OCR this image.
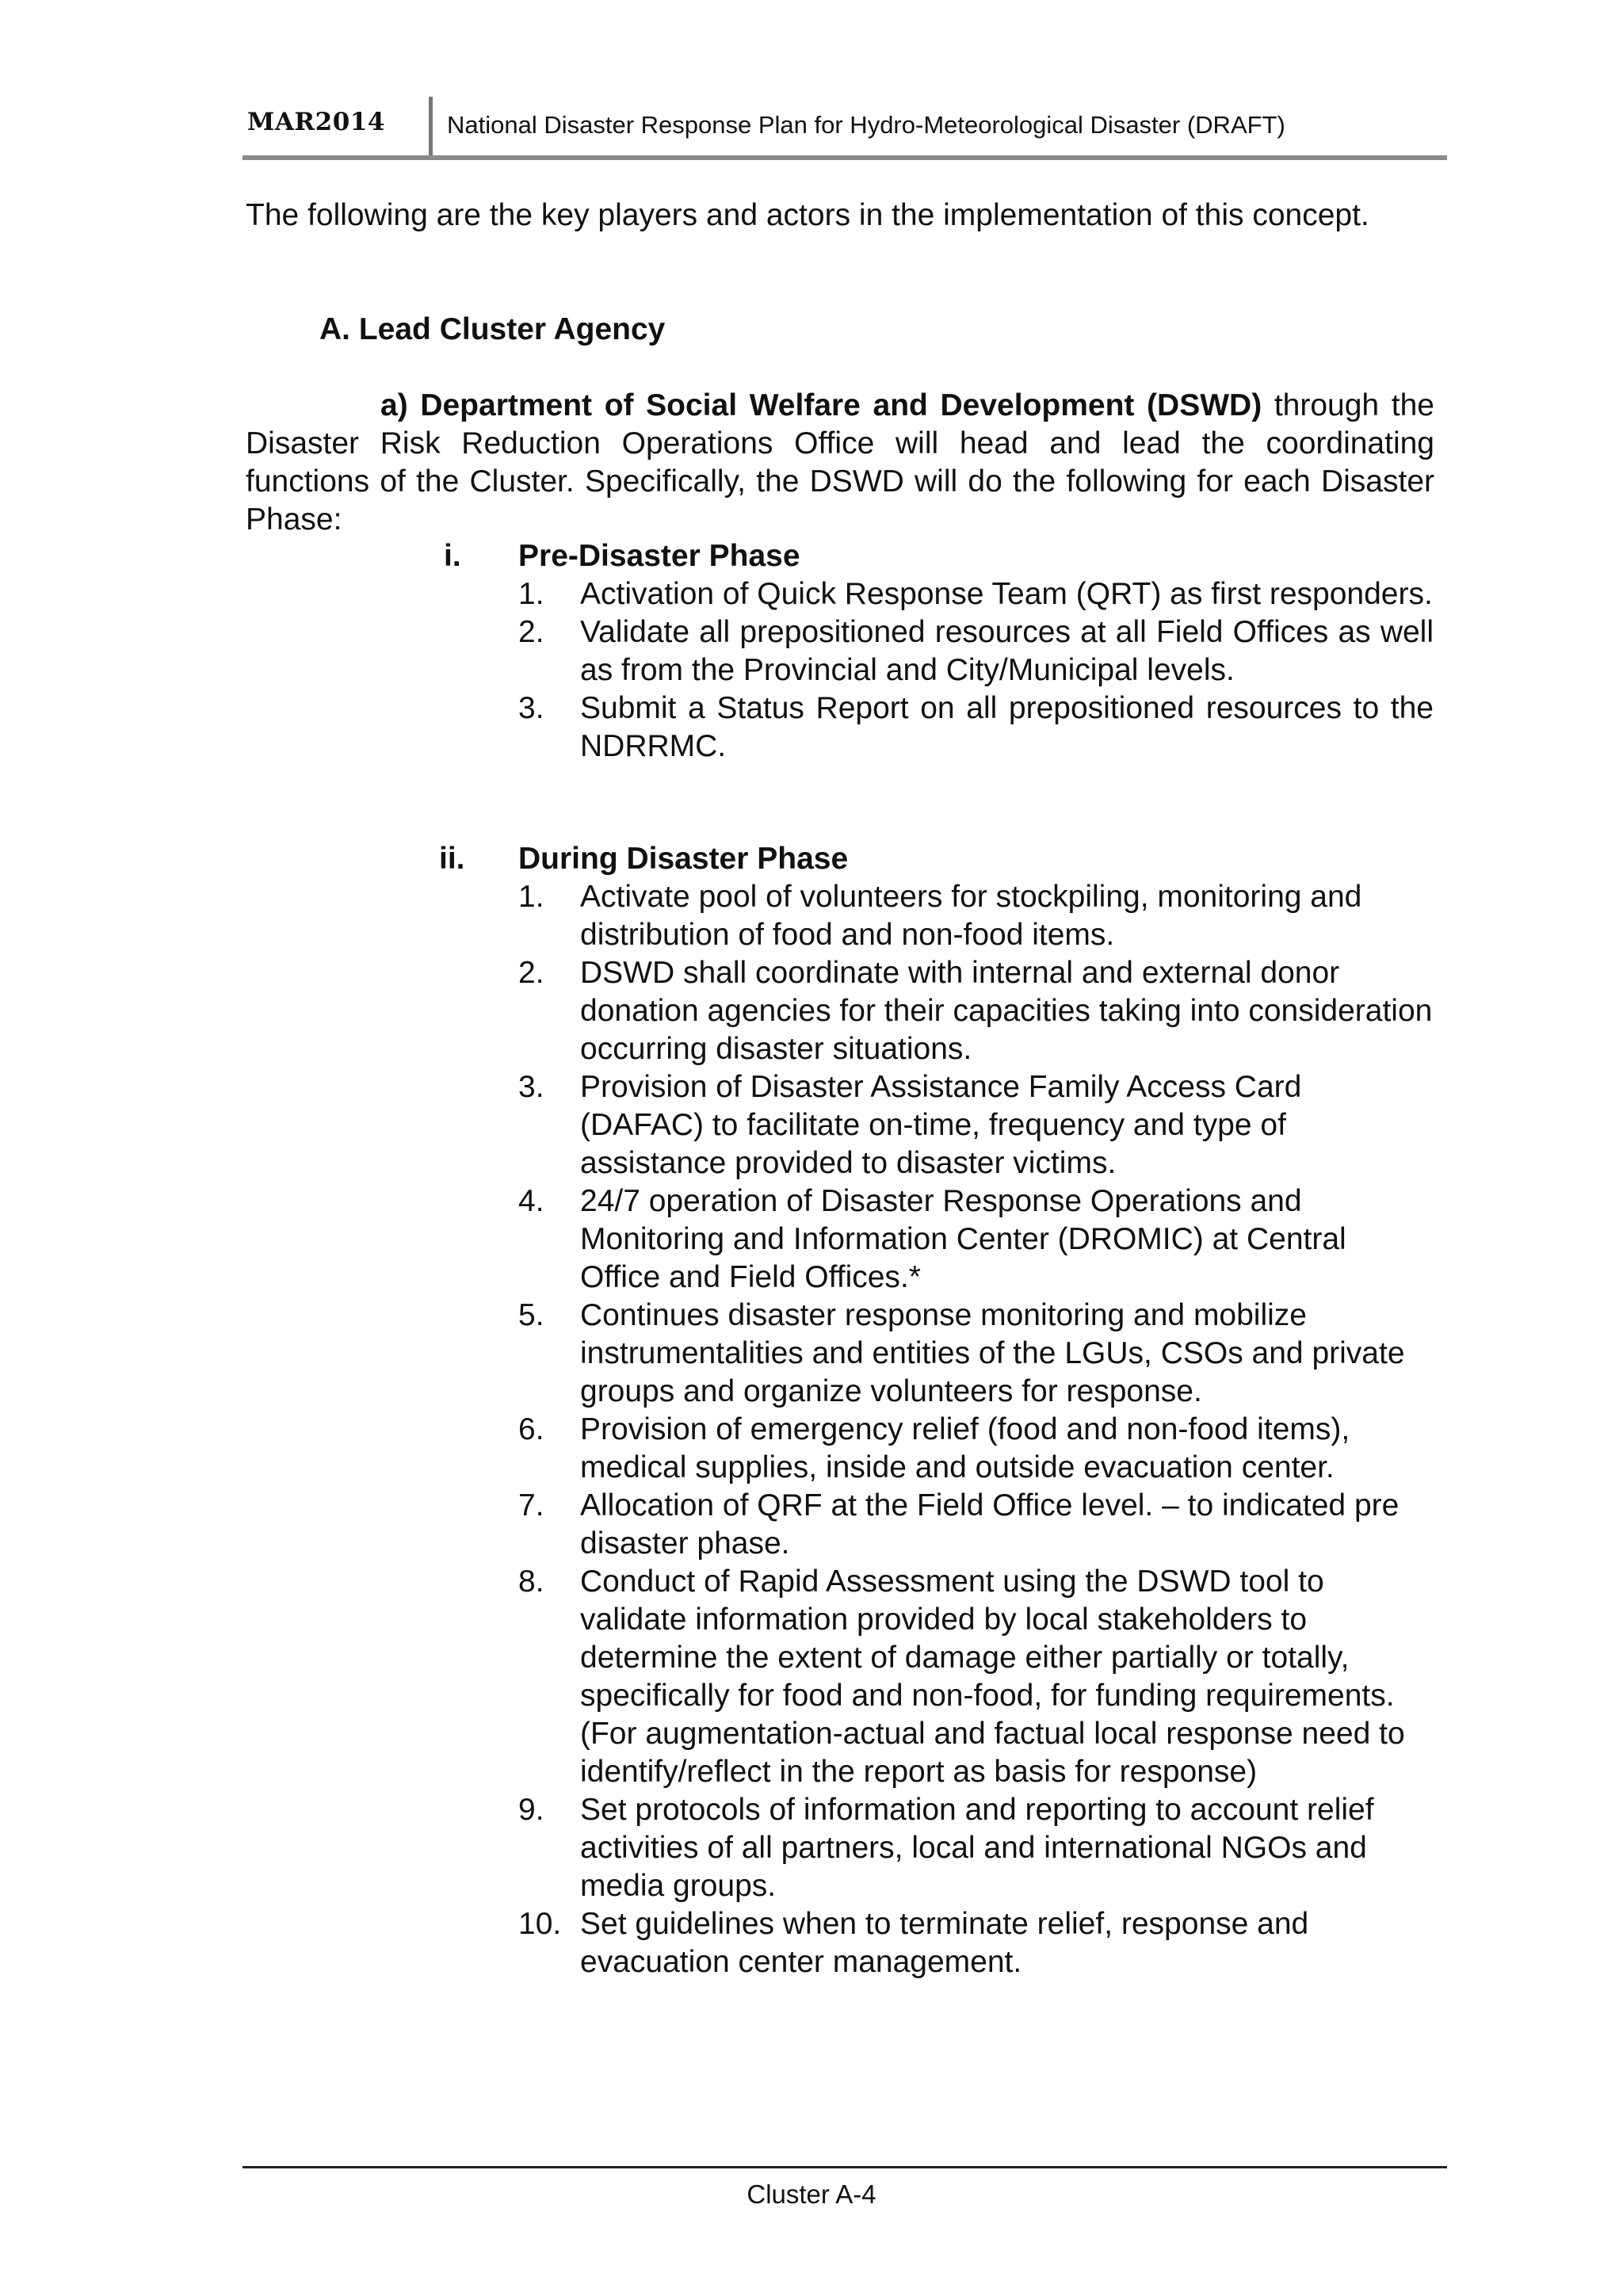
MAR2014	National Disaster Response Plan for Hydro-Meteorological Disaster (DRAFT)
The following are the key players and actors in the implementation of this concept.
A. Lead Cluster Agency
a) Department of Social Welfare and Development (DSWD) through the Disaster Risk Reduction Operations Office will head and lead the coordinating functions of the Cluster. Specifically, the DSWD will do the following for each Disaster Phase:
i. Pre-Disaster Phase
1.	Activation of Quick Response Team (QRT) as first responders.
2.	Validate all prepositioned resources at all Field Offices as well as from the Provincial and City/Municipal levels.
3.	Submit a Status Report on all prepositioned resources to the NDRRMC.
ii. During Disaster Phase
1. Activate pool of volunteers for stockpiling, monitoring and distribution of food and non-food items.
2. DSWD shall coordinate with internal and external donor donation agencies for their capacities taking into consideration occurring disaster situations.
3. Provision of Disaster Assistance Family Access Card (DAFAC) to facilitate on-time, frequency and type of assistance provided to disaster victims.
4. 24/7 operation of Disaster Response Operations and Monitoring and Information Center (DROMIC) at Central Office and Field Offices.*
5. Continues disaster response monitoring and mobilize instrumentalities and entities of the LGUs, CSOs and private groups and organize volunteers for response.
6. Provision of emergency relief (food and non-food items), medical supplies, inside and outside evacuation center.
7. Allocation of QRF at the Field Office level. – to indicated pre disaster phase.
8. Conduct of Rapid Assessment using the DSWD tool to validate information provided by local stakeholders to determine the extent of damage either partially or totally, specifically for food and non-food, for funding requirements.(For augmentation-actual and factual local response need to identify/reflect in the report as basis for response)
9. Set protocols of information and reporting to account relief activities of all partners, local and international NGOs and media groups.
10. Set guidelines when to terminate relief, response and evacuation center management.
Cluster A-4
